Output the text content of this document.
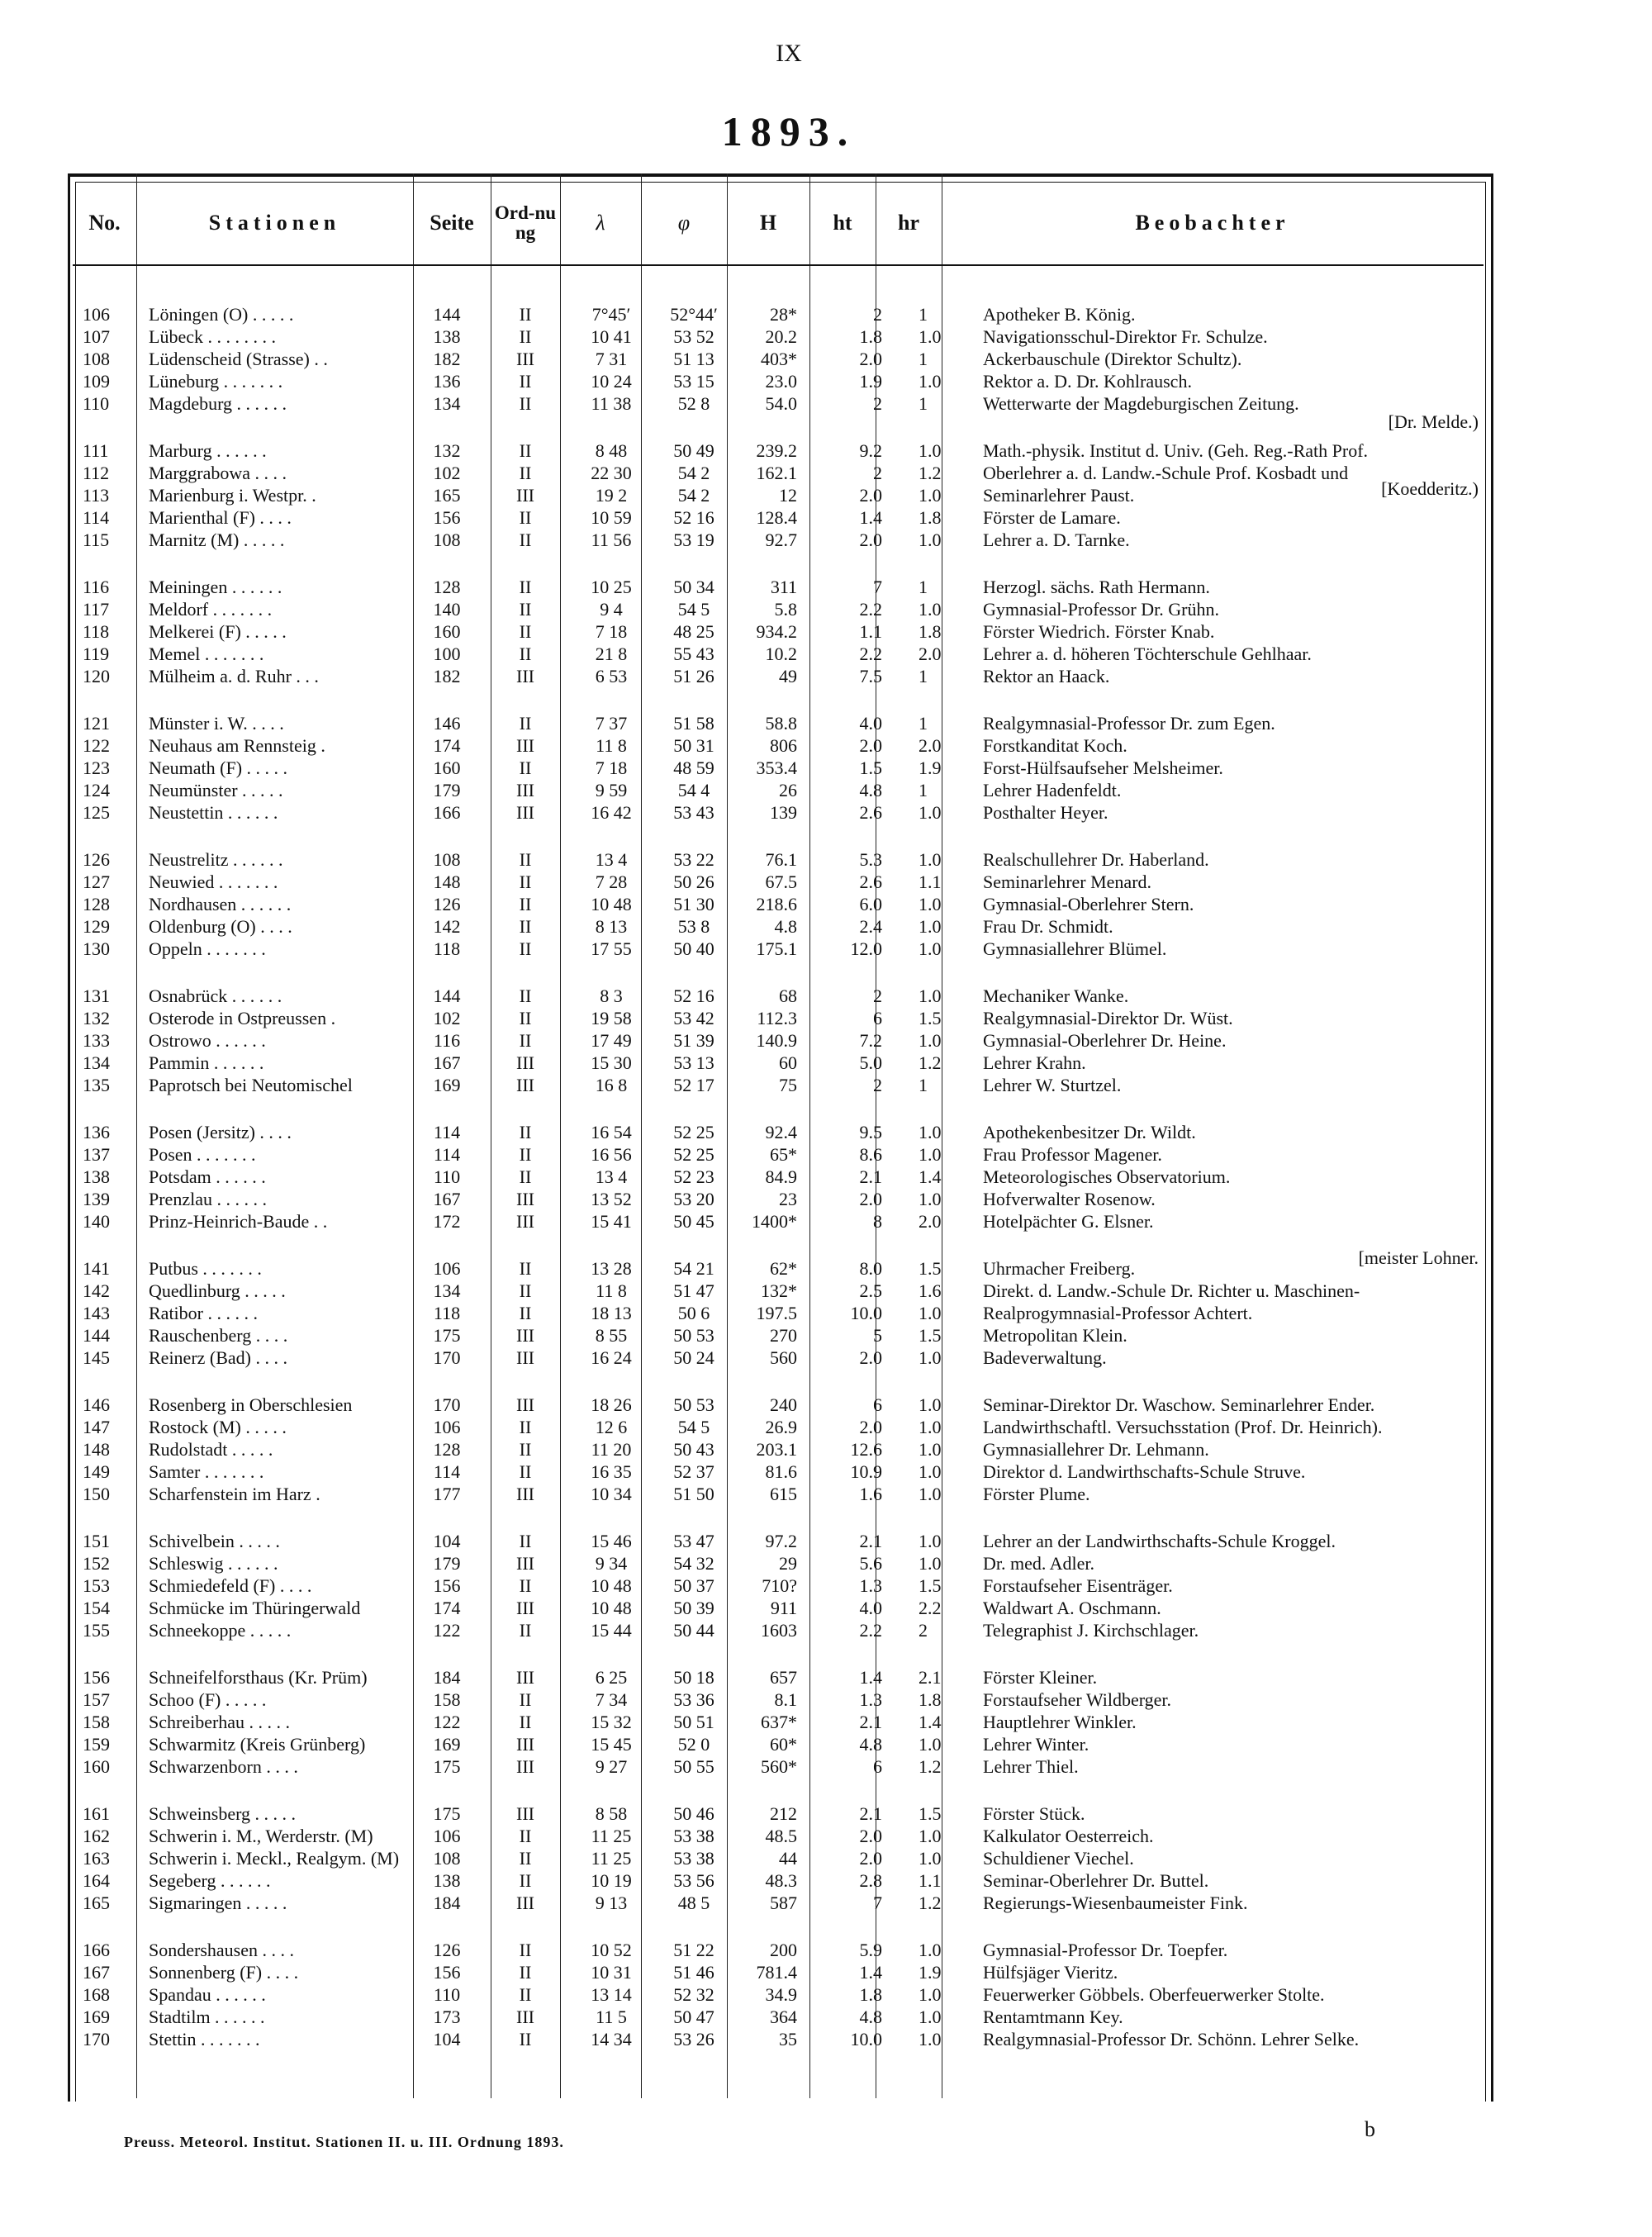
IX
1893.
No.	Stationen	Seite	Ord-nung	λ	φ	H	ht	hr	Beobachter
106	Löningen (O) . . . . .	144	II	7°45′	52°44′	28*	2	1	Apotheker B. König.
107	Lübeck . . . . . . . .	138	II	10 41	53 52	20.2	1.8	1.0	Navigationsschul-Direktor Fr. Schulze.
108	Lüdenscheid (Strasse) . .	182	III	7 31	51 13	403*	2.0	1	Ackerbauschule (Direktor Schultz).
109	Lüneburg . . . . . . .	136	II	10 24	53 15	23.0	1.9	1.0	Rektor a. D. Dr. Kohlrausch.
110	Magdeburg . . . . . .	134	II	11 38	52 8	54.0	2	1	Wetterwarte der Magdeburgischen Zeitung.
111	Marburg . . . . . .	132	II	8 48	50 49	239.2	9.2	1.0	Math.-physik. Institut d. Univ. (Geh. Reg.-Rath Prof.
112	Marggrabowa . . . .	102	II	22 30	54 2	162.1	2	1.2	Oberlehrer a. d. Landw.-Schule Prof. Kosbadt und
113	Marienburg i. Westpr. .	165	III	19 2	54 2	12	2.0	1.0	Seminarlehrer Paust.
114	Marienthal (F) . . . .	156	II	10 59	52 16	128.4	1.4	1.8	Förster de Lamare.
115	Marnitz (M) . . . . .	108	II	11 56	53 19	92.7	2.0	1.0	Lehrer a. D. Tarnke.
116	Meiningen . . . . . .	128	II	10 25	50 34	311	7	1	Herzogl. sächs. Rath Hermann.
117	Meldorf . . . . . . .	140	II	9 4	54 5	5.8	2.2	1.0	Gymnasial-Professor Dr. Grühn.
118	Melkerei (F) . . . . .	160	II	7 18	48 25	934.2	1.1	1.8	Förster Wiedrich. Förster Knab.
119	Memel . . . . . . .	100	II	21 8	55 43	10.2	2.2	2.0	Lehrer a. d. höheren Töchterschule Gehlhaar.
120	Mülheim a. d. Ruhr . . .	182	III	6 53	51 26	49	7.5	1	Rektor an Haack.
121	Münster i. W. . . . .	146	II	7 37	51 58	58.8	4.0	1	Realgymnasial-Professor Dr. zum Egen.
122	Neuhaus am Rennsteig .	174	III	11 8	50 31	806	2.0	2.0	Forstkanditat Koch.
123	Neumath (F) . . . . .	160	II	7 18	48 59	353.4	1.5	1.9	Forst-Hülfsaufseher Melsheimer.
124	Neumünster . . . . .	179	III	9 59	54 4	26	4.8	1	Lehrer Hadenfeldt.
125	Neustettin . . . . . .	166	III	16 42	53 43	139	2.6	1.0	Posthalter Heyer.
126	Neustrelitz . . . . . .	108	II	13 4	53 22	76.1	5.3	1.0	Realschullehrer Dr. Haberland.
127	Neuwied . . . . . . .	148	II	7 28	50 26	67.5	2.6	1.1	Seminarlehrer Menard.
128	Nordhausen . . . . . .	126	II	10 48	51 30	218.6	6.0	1.0	Gymnasial-Oberlehrer Stern.
129	Oldenburg (O) . . . .	142	II	8 13	53 8	4.8	2.4	1.0	Frau Dr. Schmidt.
130	Oppeln . . . . . . .	118	II	17 55	50 40	175.1	12.0	1.0	Gymnasiallehrer Blümel.
131	Osnabrück . . . . . .	144	II	8 3	52 16	68	2	1.0	Mechaniker Wanke.
132	Osterode in Ostpreussen .	102	II	19 58	53 42	112.3	6	1.5	Realgymnasial-Direktor Dr. Wüst.
133	Ostrowo . . . . . .	116	II	17 49	51 39	140.9	7.2	1.0	Gymnasial-Oberlehrer Dr. Heine.
134	Pammin . . . . . .	167	III	15 30	53 13	60	5.0	1.2	Lehrer Krahn.
135	Paprotsch bei Neutomischel	169	III	16 8	52 17	75	2	1	Lehrer W. Sturtzel.
136	Posen (Jersitz) . . . .	114	II	16 54	52 25	92.4	9.5	1.0	Apothekenbesitzer Dr. Wildt.
137	Posen . . . . . . .	114	II	16 56	52 25	65*	8.6	1.0	Frau Professor Magener.
138	Potsdam . . . . . .	110	II	13 4	52 23	84.9	2.1	1.4	Meteorologisches Observatorium.
139	Prenzlau . . . . . .	167	III	13 52	53 20	23	2.0	1.0	Hofverwalter Rosenow.
140	Prinz-Heinrich-Baude . .	172	III	15 41	50 45	1400*	8	2.0	Hotelpächter G. Elsner.
141	Putbus . . . . . . .	106	II	13 28	54 21	62*	8.0	1.5	Uhrmacher Freiberg.
142	Quedlinburg . . . . .	134	II	11 8	51 47	132*	2.5	1.6	Direkt. d. Landw.-Schule Dr. Richter u. Maschinen-
143	Ratibor . . . . . .	118	II	18 13	50 6	197.5	10.0	1.0	Realprogymnasial-Professor Achtert.
144	Rauschenberg . . . .	175	III	8 55	50 53	270	5	1.5	Metropolitan Klein.
145	Reinerz (Bad) . . . .	170	III	16 24	50 24	560	2.0	1.0	Badeverwaltung.
146	Rosenberg in Oberschlesien	170	III	18 26	50 53	240	6	1.0	Seminar-Direktor Dr. Waschow. Seminarlehrer Ender.
147	Rostock (M) . . . . .	106	II	12 6	54 5	26.9	2.0	1.0	Landwirthschaftl. Versuchsstation (Prof. Dr. Heinrich).
148	Rudolstadt . . . . .	128	II	11 20	50 43	203.1	12.6	1.0	Gymnasiallehrer Dr. Lehmann.
149	Samter . . . . . . .	114	II	16 35	52 37	81.6	10.9	1.0	Direktor d. Landwirthschafts-Schule Struve.
150	Scharfenstein im Harz .	177	III	10 34	51 50	615	1.6	1.0	Förster Plume.
151	Schivelbein . . . . .	104	II	15 46	53 47	97.2	2.1	1.0	Lehrer an der Landwirthschafts-Schule Kroggel.
152	Schleswig . . . . . .	179	III	9 34	54 32	29	5.6	1.0	Dr. med. Adler.
153	Schmiedefeld (F) . . . .	156	II	10 48	50 37	710?	1.3	1.5	Forstaufseher Eisenträger.
154	Schmücke im Thüringerwald	174	III	10 48	50 39	911	4.0	2.2	Waldwart A. Oschmann.
155	Schneekoppe . . . . .	122	II	15 44	50 44	1603	2.2	2	Telegraphist J. Kirchschlager.
156	Schneifelforsthaus (Kr. Prüm)	184	III	6 25	50 18	657	1.4	2.1	Förster Kleiner.
157	Schoo (F) . . . . .	158	II	7 34	53 36	8.1	1.3	1.8	Forstaufseher Wildberger.
158	Schreiberhau . . . . .	122	II	15 32	50 51	637*	2.1	1.4	Hauptlehrer Winkler.
159	Schwarmitz (Kreis Grünberg)	169	III	15 45	52 0	60*	4.8	1.0	Lehrer Winter.
160	Schwarzenborn . . . .	175	III	9 27	50 55	560*	6	1.2	Lehrer Thiel.
161	Schweinsberg . . . . .	175	III	8 58	50 46	212	2.1	1.5	Förster Stück.
162	Schwerin i. M., Werderstr. (M)	106	II	11 25	53 38	48.5	2.0	1.0	Kalkulator Oesterreich.
163	Schwerin i. Meckl., Realgym. (M)	108	II	11 25	53 38	44	2.0	1.0	Schuldiener Viechel.
164	Segeberg . . . . . .	138	II	10 19	53 56	48.3	2.8	1.1	Seminar-Oberlehrer Dr. Buttel.
165	Sigmaringen . . . . .	184	III	9 13	48 5	587	7	1.2	Regierungs-Wiesenbaumeister Fink.
166	Sondershausen . . . .	126	II	10 52	51 22	200	5.9	1.0	Gymnasial-Professor Dr. Toepfer.
167	Sonnenberg (F) . . . .	156	II	10 31	51 46	781.4	1.4	1.9	Hülfsjäger Vieritz.
168	Spandau . . . . . .	110	II	13 14	52 32	34.9	1.8	1.0	Feuerwerker Göbbels. Oberfeuerwerker Stolte.
169	Stadtilm . . . . . .	173	III	11 5	50 47	364	4.8	1.0	Rentamtmann Key.
170	Stettin . . . . . . .	104	II	14 34	53 26	35	10.0	1.0	Realgymnasial-Professor Dr. Schönn. Lehrer Selke.
[Dr. Melde.)
[Koedderitz.)
[meister Lohner.
Preuss. Meteorol. Institut. Stationen II. u. III. Ordnung 1893.
b
